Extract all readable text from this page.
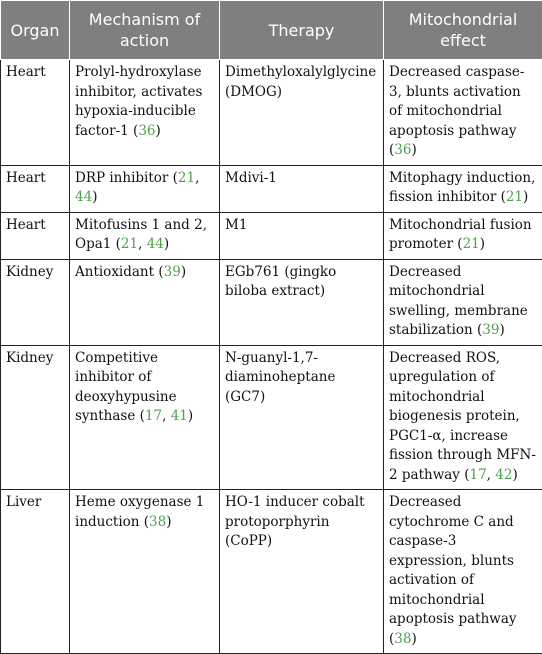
Organ	Mechanism of action	Therapy	Mitochondrial effect
Heart	Prolyl-hydroxylase inhibitor, activates hypoxia-inducible factor-1 (36)	Dimethyloxalylglycine (DMOG)	Decreased caspase-3, blunts activation of mitochondrial apoptosis pathway (36)
Heart	DRP inhibitor (21, 44)	Mdivi-1	Mitophagy induction, fission inhibitor (21)
Heart	Mitofusins 1 and 2, Opa1 (21, 44)	M1	Mitochondrial fusion promoter (21)
Kidney	Antioxidant (39)	EGb761 (gingko biloba extract)	Decreased mitochondrial swelling, membrane stabilization (39)
Kidney	Competitive inhibitor of deoxyhypusine synthase (17, 41)	N-guanyl-1,7-diaminoheptane (GC7)	Decreased ROS, upregulation of mitochondrial biogenesis protein, PGC1-α, increase fission through MFN-2 pathway (17, 42)
Liver	Heme oxygenase 1 induction (38)	HO-1 inducer cobalt protoporphyrin (CoPP)	Decreased cytochrome C and caspase-3 expression, blunts activation of mitochondrial apoptosis pathway (38)
